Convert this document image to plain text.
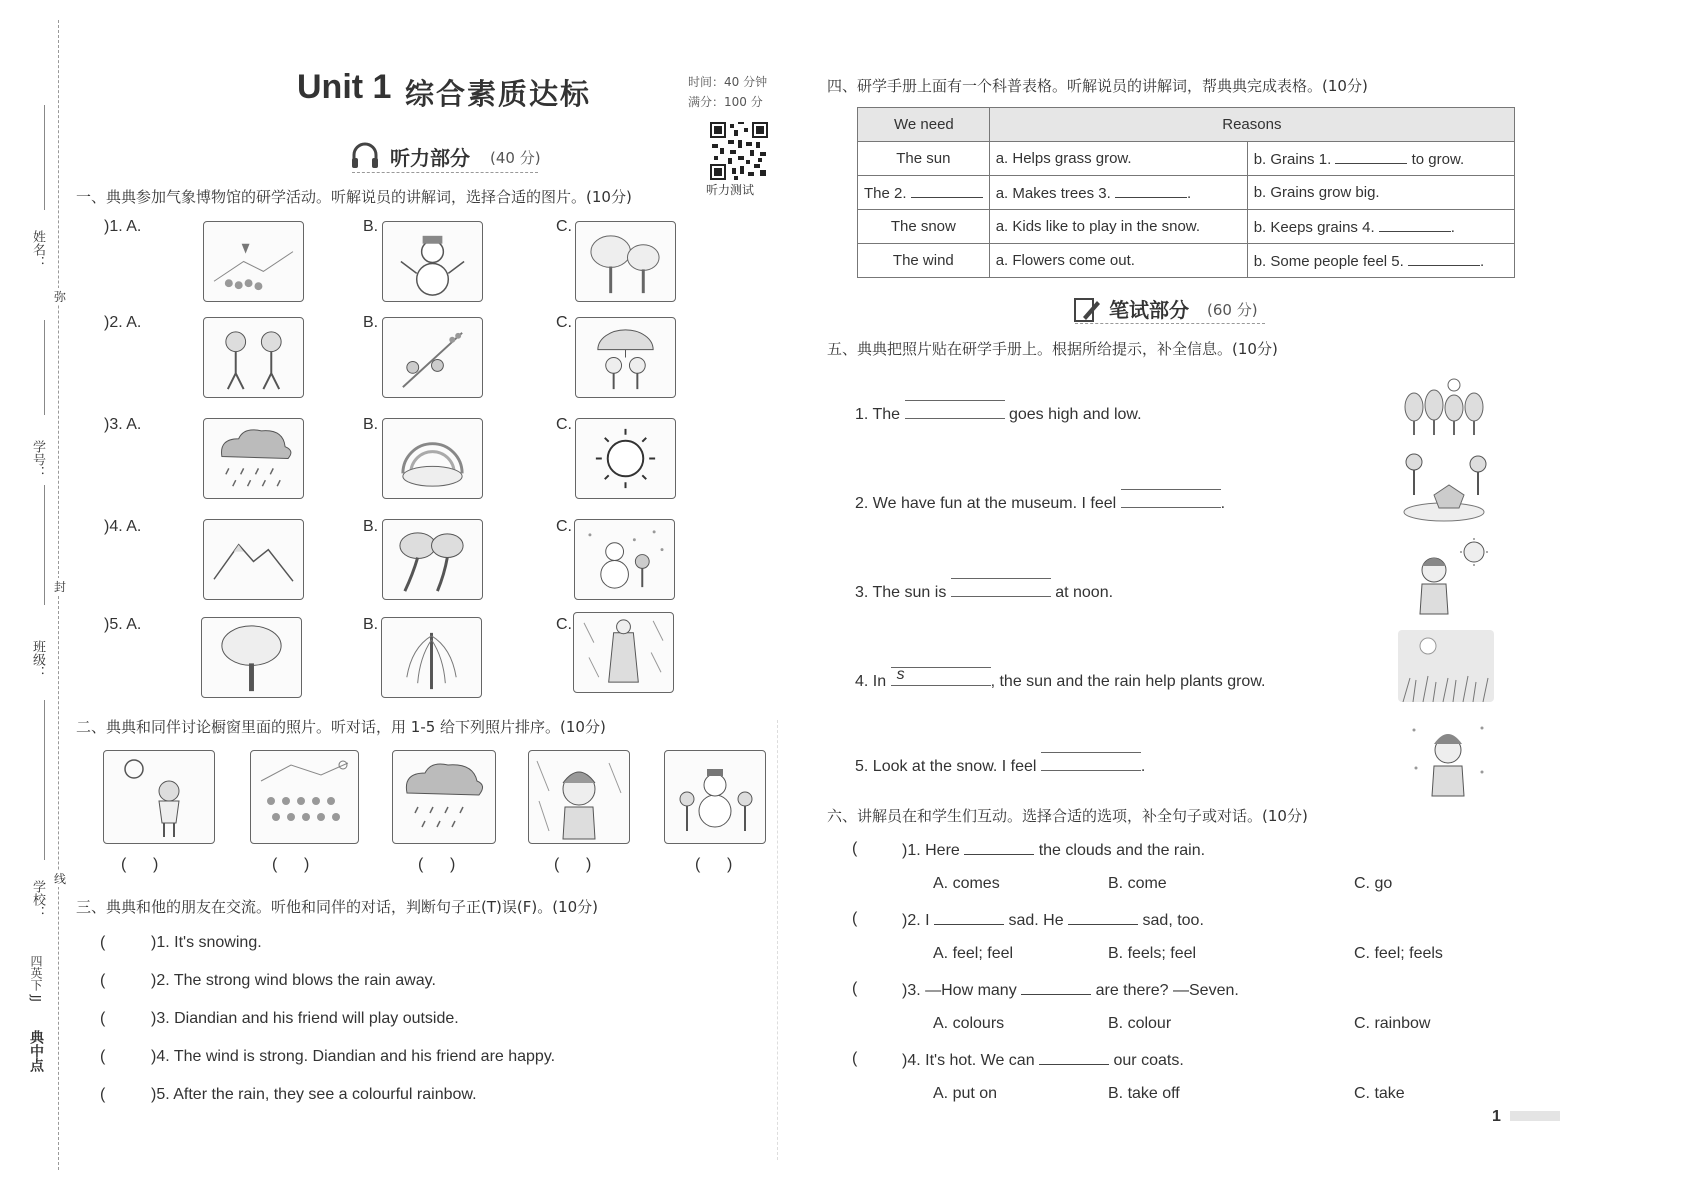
姓名：
弥
学号：
封
班级：
线
学校：
四英下 JJ
典中点
Unit 1 综合素质达标	时间：40 分钟
满分：100 分
听力测试
听力部分 (40 分)
一、典典参加气象博物馆的研学活动。听解说员的讲解词，选择合适的图片。(10分)
)1. A.	B.	C.
)2. A.	B.	C.
)3. A.	B.	C.
)4. A.	B.	C.
)5. A.	B.	C.
二、典典和同伴讨论橱窗里面的照片。听对话，用 1-5 给下列照片排序。(10分)
(      )	(      )	(      )	(      )	(      )
三、典典和他的朋友在交流。听他和同伴的对话，判断句子正(T)误(F)。(10分)
( )1. It's snowing.
( )2. The strong wind blows the rain away.
( )3. Diandian and his friend will play outside.
( )4. The wind is strong. Diandian and his friend are happy.
( )5. After the rain, they see a colourful rainbow.
四、研学手册上面有一个科普表格。听解说员的讲解词，帮典典完成表格。(10分)
We need	Reasons	
The sun	a. Helps grass grow.	b. Grains 1. to grow.
The 2.	a. Makes trees 3. .	b. Grains grow big.
The snow	a. Kids like to play in the snow.	b. Keeps grains 4. .
The wind	a. Flowers come out.	b. Some people feel 5. .
笔试部分 (60 分)
五、典典把照片贴在研学手册上。根据所给提示，补全信息。(10分)
1. The	goes high and low.
2. We have fun at the museum. I feel	.
3. The sun is	at noon.
4. In s	, the sun and the rain help plants grow.
5. Look at the snow. I feel	.
六、讲解员在和学生们互动。选择合适的选项，补全句子或对话。(10分)
( )1. Here	the clouds and the rain.
A. comes	B. come	C. go
( )2. I	sad. He	sad, too.
A. feel; feel	B. feels; feel	C. feel; feels
( )3. —How many	are there? —Seven.
A. colours	B. colour	C. rainbow
( )4. It's hot. We can	our coats.
A. put on	B. take off	C. take
1
